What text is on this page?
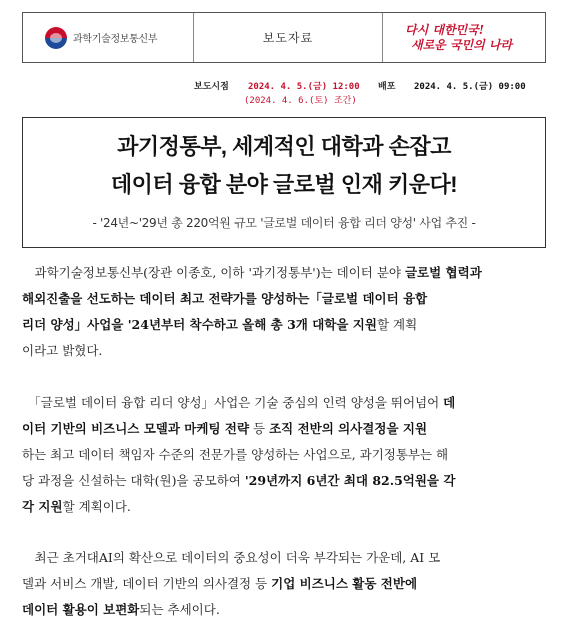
과학기술정보통신부	보도자료
다시 대한민국!
새로운 국민의 나라
보도시점 2024. 4. 5.(금) 12:00
(2024. 4. 6.(토) 조간)
배포 2024. 4. 5.(금) 09:00
과기정통부, 세계적인 대학과 손잡고
데이터 융합 분야 글로벌 인재 키운다!
- '24년~'29년 총 220억원 규모 '글로벌 데이터 융합 리더 양성' 사업 추진 -
　과학기술정보통신부(장관 이종호, 이하 '과기정통부')는 데이터 분야 글로벌 협력과
해외진출을 선도하는 데이터 최고 전략가를 양성하는「글로벌 데이터 융합
리더 양성」사업을 '24년부터 착수하고 올해 총 3개 대학을 지원할 계획
이라고 밝혔다.
　「글로벌 데이터 융합 리더 양성」사업은 기술 중심의 인력 양성을 뛰어넘어 데
이터 기반의 비즈니스 모델과 마케팅 전략 등 조직 전반의 의사결정을 지원
하는 최고 데이터 책임자 수준의 전문가를 양성하는 사업으로, 과기정통부는 해
당 과정을 신설하는 대학(원)을 공모하여 '29년까지 6년간 최대 82.5억원을 각
각 지원할 계획이다.
　최근 초거대AI의 확산으로 데이터의 중요성이 더욱 부각되는 가운데, AI 모
델과 서비스 개발, 데이터 기반의 의사결정 등 기업 비즈니스 활동 전반에
데이터 활용이 보편화되는 추세이다.
